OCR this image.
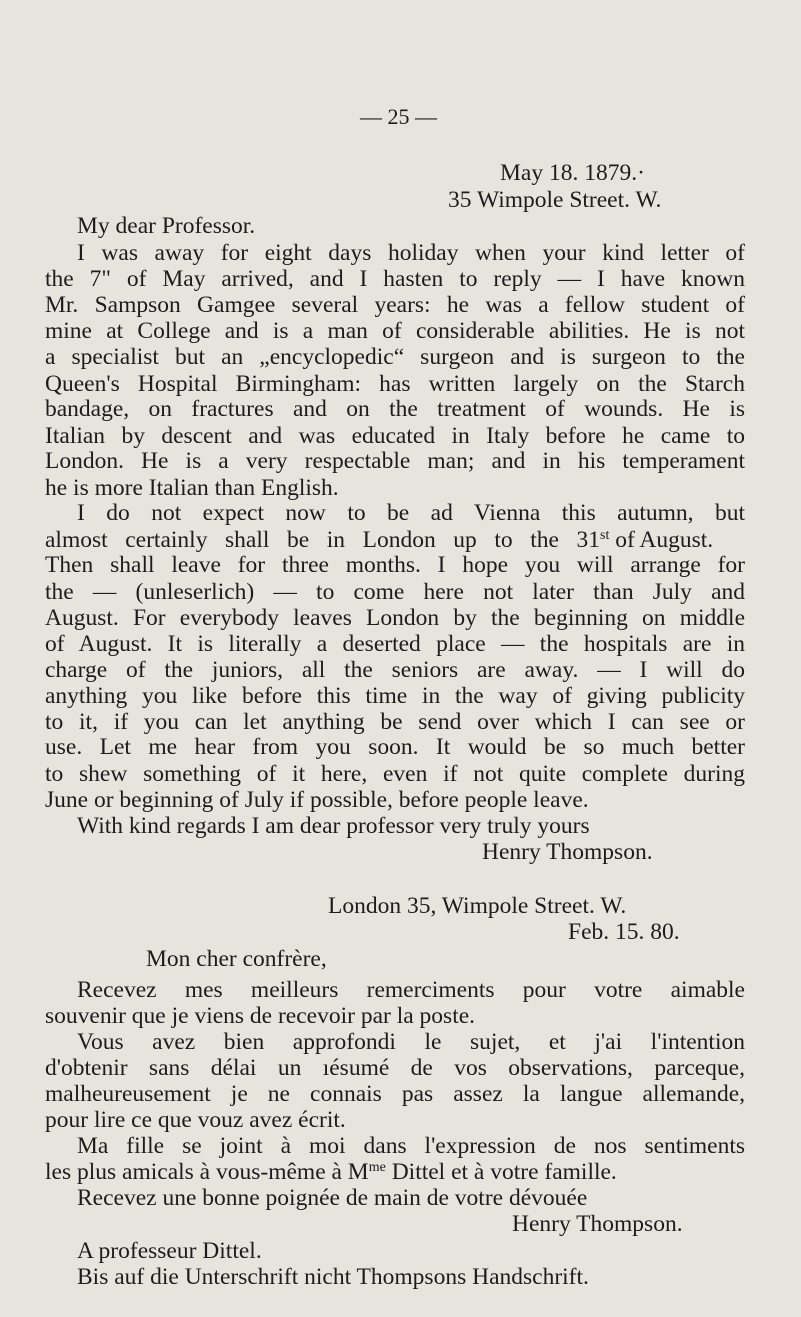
— 25 —
May 18. 1879.·
35 Wimpole Street. W.
My dear Professor.
I was away for eight days holiday when your kind letter of
the 7" of May arrived, and I hasten to reply — I have known
Mr. Sampson Gamgee several years: he was a fellow student of
mine at College and is a man of considerable abilities. He is not
a specialist but an „encyclopedic“ surgeon and is surgeon to the
Queen's Hospital Birmingham: has written largely on the Starch
bandage, on fractures and on the treatment of wounds. He is
Italian by descent and was educated in Italy before he came to
London. He is a very respectable man; and in his temperament
he is more Italian than English.
I do not expect now to be ad Vienna this autumn, but
almost certainly shall be in London up to the 31st of August.
Then shall leave for three months. I hope you will arrange for
the — (unleserlich) — to come here not later than July and
August. For everybody leaves London by the beginning on middle
of August. It is literally a deserted place — the hospitals are in
charge of the juniors, all the seniors are away. — I will do
anything you like before this time in the way of giving publicity
to it, if you can let anything be send over which I can see or
use. Let me hear from you soon. It would be so much better
to shew something of it here, even if not quite complete during
June or beginning of July if possible, before people leave.
With kind regards I am dear professor very truly yours
Henry Thompson.
London 35, Wimpole Street. W.
Feb. 15. 80.
Mon cher confrère,
Recevez mes meilleurs remerciments pour votre aimable
souvenir que je viens de recevoir par la poste.
Vous avez bien approfondi le sujet, et j'ai l'intention
d'obtenir sans délai un ıésumé de vos observations, parceque,
malheureusement je ne connais pas assez la langue allemande,
pour lire ce que vouz avez écrit.
Ma fille se joint à moi dans l'expression de nos sentiments
les plus amicals à vous-même à $M^{me}$ Dittel et à votre famille.
Recevez une bonne poignée de main de votre dévouée
Henry Thompson.
A professeur Dittel.
Bis auf die Unterschrift nicht Thompsons Handschrift.
